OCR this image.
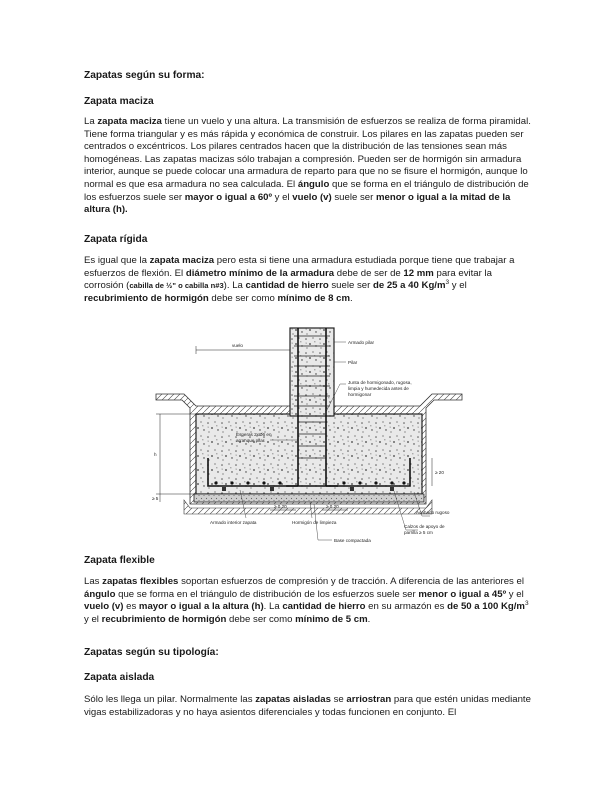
Zapatas según su forma:
Zapata maciza
La zapata maciza tiene un vuelo y una altura. La transmisión de esfuerzos se realiza de forma piramidal. Tiene forma triangular y es más rápida y económica de construir. Los pilares en las zapatas pueden ser centrados o excéntricos. Los pilares centrados hacen que la distribución de las tensiones sean más homogéneas. Las zapatas macizas sólo trabajan a compresión. Pueden ser de hormigón sin armadura interior, aunque se puede colocar una armadura de reparto para que no se fisure el hormigón, aunque lo normal es que esa armadura no sea calculada. El ángulo que se forma en el triángulo de distribución de los esfuerzos suele ser mayor o igual a 60º y el vuelo (v) suele ser menor o igual a la mitad de la altura (h).
Zapata rígida
Es igual que la zapata maciza pero esta si tiene una armadura estudiada porque tiene que trabajar a esfuerzos de flexión. El diámetro mínimo de la armadura debe de ser de 12 mm para evitar la corrosión (cabilla de ½" o cabilla n#3). La cantidad de hierro suele ser de 25 a 40 $Kg/m^3$ y el recubrimiento de hormigón debe ser como mínimo de 8 cm.
vuelo
h
≥ 5
≥ 20
≥ 0.20	≥ 0.20
Armado pilar
Pilar
Junta de hormigonado, rugosa,
limpia y humedecida antes de
hormigonar
Esperas 2xØ6 en
arranque pilar
Acabado rugoso
Calzos de apoyo de
parrilla ≥ 5 cm
Armado interior zapata	Hormigón de limpieza
Base compactada
Zapata flexible
Las zapatas flexibles soportan esfuerzos de compresión y de tracción. A diferencia de las anteriores el ángulo que se forma en el triángulo de distribución de los esfuerzos suele ser menor o igual a 45º y el vuelo (v) es mayor o igual a la altura (h). La cantidad de hierro en su armazón es de 50 a 100 $Kg/m^3$ y el recubrimiento de hormigón debe ser como mínimo de 5 cm.
Zapatas según su tipología:
Zapata aislada
Sólo les llega un pilar. Normalmente las zapatas aisladas se arriostran para que estén unidas mediante vigas estabilizadoras y no haya asientos diferenciales y todas funcionen en conjunto. El
